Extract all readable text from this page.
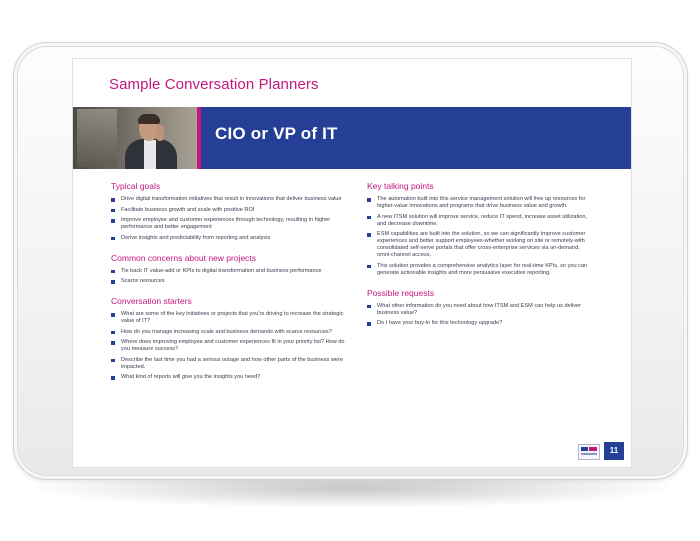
Sample Conversation Planners
CIO or VP of IT
Typical goals
Drive digital transformation initiatives that result in innovations that deliver business value
Facilitate business growth and scale with positive ROI
Improve employee and customer experiences through technology, resulting in higher performance and better engagement
Derive insights and predictability from reporting and analysis
Common concerns about new projects
Tie back IT value-add or KPIs to digital transformation and business performance
Scarce resources
Conversation starters
What are some of the key initiatives or projects that you're driving to increase the strategic value of IT?
How do you manage increasing scale and business demands with scarce resources?
Where does improving employee and customer experiences fit in your priority list? How do you measure success?
Describe the last time you had a serious outage and how other parts of the business were impacted.
What kind of reports will give you the insights you need?
Key talking points
The automation built into this service management solution will free up resources for higher-value innovations and programs that drive business value and growth.
A new ITSM solution will improve service, reduce IT spend, increase asset utilization, and decrease downtime.
ESM capabilities are built into the solution, so we can significantly improve customer experiences and better support employees-whether working on site or remotely-with consolidated self-serve portals that offer cross-enterprise services via on-demand, omni-channel access.
This solution provides a comprehensive analytics layer for real-time KPIs, so you can generate actionable insights and more persuasive executive reporting.
Possible requests
What other information do you need about how ITSM and ESM can help us deliver business value?
Do I have your buy-in for this technology upgrade?
11
